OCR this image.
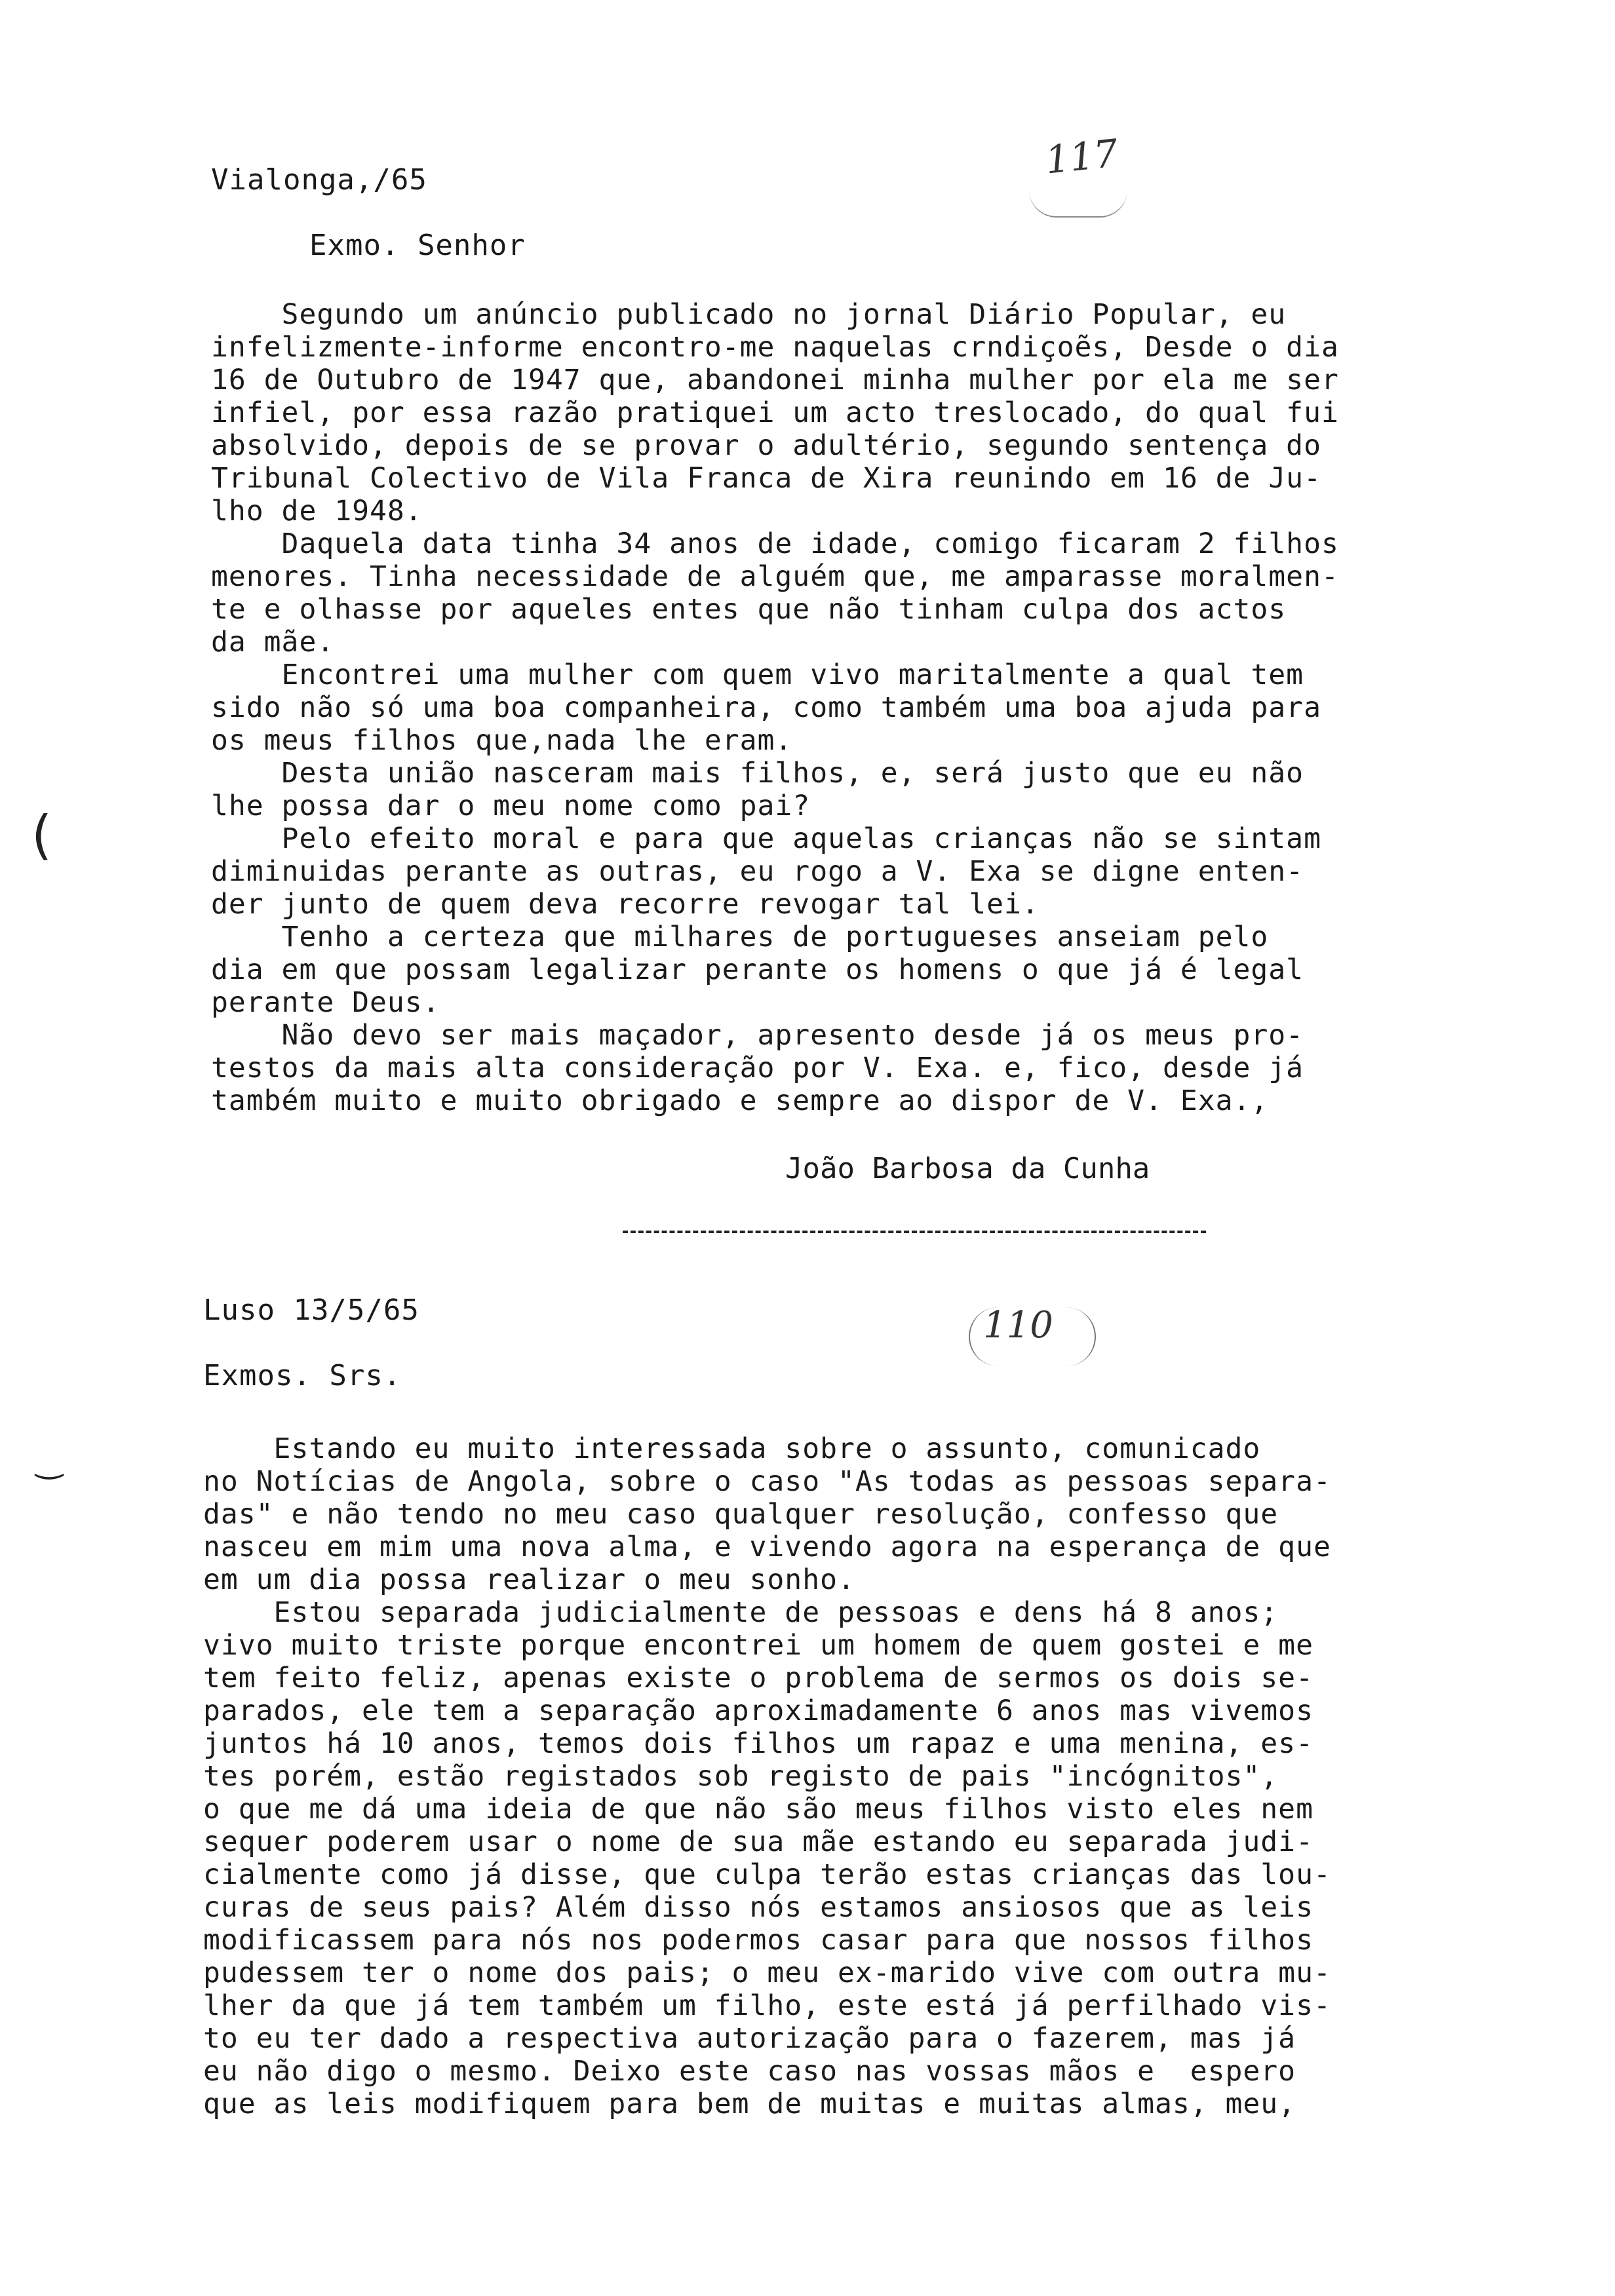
Vialonga,/65	117
Exmo. Senhor
Segundo um anúncio publicado no jornal Diário Popular, eu
infelizmente-informe encontro-me naquelas crndiçoẽs, Desde o dia
16 de Outubro de 1947 que, abandonei minha mulher por ela me ser
infiel, por essa razão pratiquei um acto treslocado, do qual fui
absolvido, depois de se provar o adultério, segundo sentença do
Tribunal Colectivo de Vila Franca de Xira reunindo em 16 de Ju-
lho de 1948.
Daquela data tinha 34 anos de idade, comigo ficaram 2 filhos
menores. Tinha necessidade de alguém que, me amparasse moralmen-
te e olhasse por aqueles entes que não tinham culpa dos actos
da mãe.
Encontrei uma mulher com quem vivo maritalmente a qual tem
sido não só uma boa companheira, como também uma boa ajuda para
os meus filhos que,nada lhe eram.
Desta união nasceram mais filhos, e, será justo que eu não
lhe possa dar o meu nome como pai?
Pelo efeito moral e para que aquelas crianças não se sintam
diminuidas perante as outras, eu rogo a V. Exa se digne enten-
der junto de quem deva recorre revogar tal lei.
Tenho a certeza que milhares de portugueses anseiam pelo
dia em que possam legalizar perante os homens o que já é legal
perante Deus.
Não devo ser mais maçador, apresento desde já os meus pro-
testos da mais alta consideração por V. Exa. e, fico, desde já
também muito e muito obrigado e sempre ao dispor de V. Exa.,
João Barbosa da Cunha
Luso 13/5/65	110
Exmos. Srs.
Estando eu muito interessada sobre o assunto, comunicado
no Notícias de Angola, sobre o caso "As todas as pessoas separa-
das" e não tendo no meu caso qualquer resolução, confesso que
nasceu em mim uma nova alma, e vivendo agora na esperança de que
em um dia possa realizar o meu sonho.
Estou separada judicialmente de pessoas e dens há 8 anos;
vivo muito triste porque encontrei um homem de quem gostei e me
tem feito feliz, apenas existe o problema de sermos os dois se-
parados, ele tem a separação aproximadamente 6 anos mas vivemos
juntos há 10 anos, temos dois filhos um rapaz e uma menina, es-
tes porém, estão registados sob registo de pais "incógnitos",
o que me dá uma ideia de que não são meus filhos visto eles nem
sequer poderem usar o nome de sua mãe estando eu separada judi-
cialmente como já disse, que culpa terão estas crianças das lou-
curas de seus pais? Além disso nós estamos ansiosos que as leis
modificassem para nós nos podermos casar para que nossos filhos
pudessem ter o nome dos pais; o meu ex-marido vive com outra mu-
lher da que já tem também um filho, este está já perfilhado vis-
to eu ter dado a respectiva autorização para o fazerem, mas já
eu não digo o mesmo. Deixo este caso nas vossas mãos e  espero
que as leis modifiquem para bem de muitas e muitas almas, meu,
(
‿
